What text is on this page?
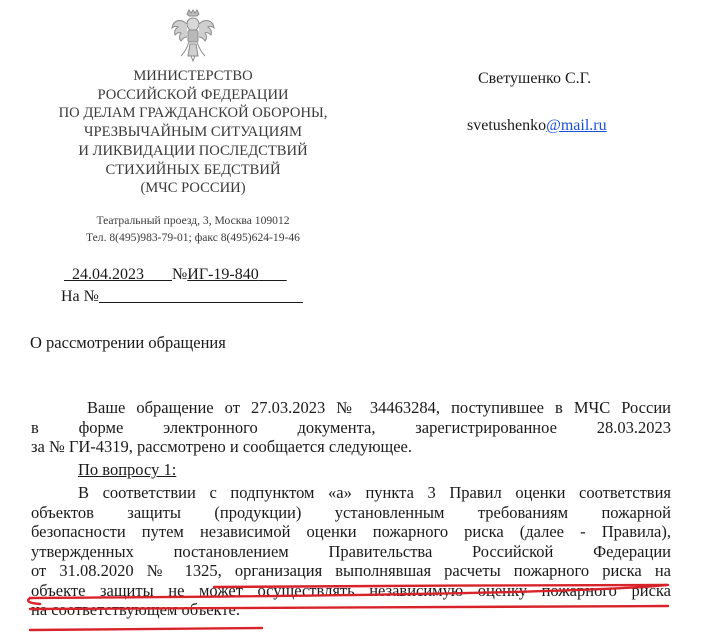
МИНИСТЕРСТВО
РОССИЙСКОЙ ФЕДЕРАЦИИ
ПО ДЕЛАМ ГРАЖДАНСКОЙ ОБОРОНЫ,
ЧРЕЗВЫЧАЙНЫМ СИТУАЦИЯМ
И ЛИКВИДАЦИИ ПОСЛЕДСТВИЙ
СТИХИЙНЫХ БЕДСТВИЙ
(МЧС РОССИИ)
Театральный проезд, 3, Москва 109012
Тел. 8(495)983-79-01; факс 8(495)624-19-46
Светушенко С.Г.
svetushenko@mail.ru
24.04.2023 №ИГ-19-840
На №
О рассмотрении обращения
Ваше обращение от 27.03.2023 № 34463284, поступившее в МЧС России
в форме электронного документа, зарегистрированное 28.03.2023
за № ГИ-4319, рассмотрено и сообщается следующее.
По вопросу 1:
В соответствии с подпунктом «а» пункта 3 Правил оценки соответствия
объектов защиты (продукции) установленным требованиям пожарной
безопасности путем независимой оценки пожарного риска (далее - Правила),
утвержденных постановлением Правительства Российской Федерации
от 31.08.2020 № 1325, организация выполнявшая расчеты пожарного риска на
объекте защиты не может осуществлять независимую оценку пожарного риска
на соответствующем объекте.
